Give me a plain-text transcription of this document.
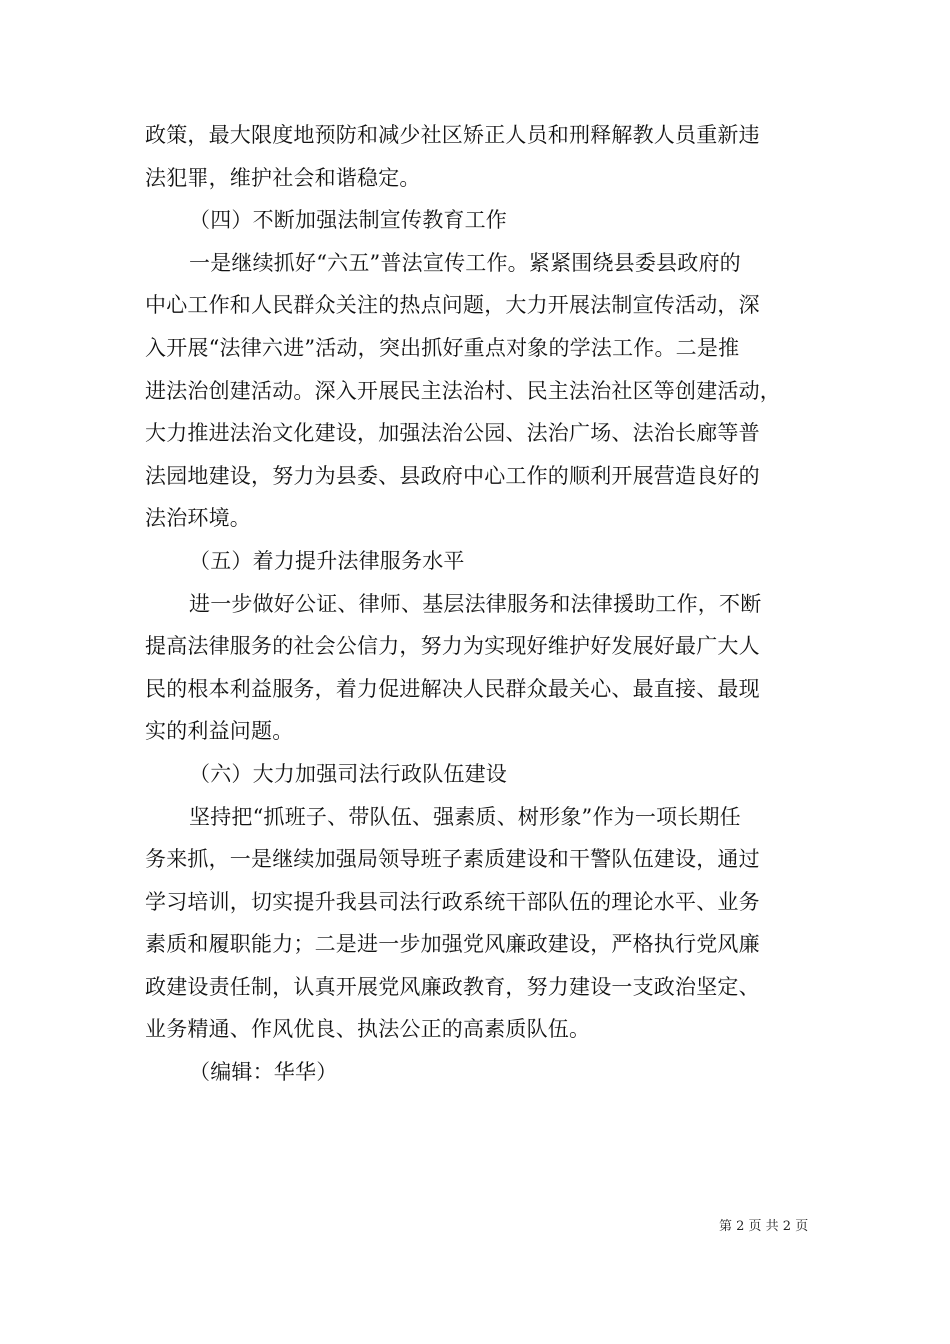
政策，最大限度地预防和减少社区矫正人员和刑释解教人员重新违
法犯罪，维护社会和谐稳定。
（四）不断加强法制宣传教育工作
一是继续抓好“六五”普法宣传工作。紧紧围绕县委县政府的
中心工作和人民群众关注的热点问题，大力开展法制宣传活动，深
入开展“法律六进”活动，突出抓好重点对象的学法工作。二是推
进法治创建活动。深入开展民主法治村、民主法治社区等创建活动，
大力推进法治文化建设，加强法治公园、法治广场、法治长廊等普
法园地建设，努力为县委、县政府中心工作的顺利开展营造良好的
法治环境。
（五）着力提升法律服务水平
进一步做好公证、律师、基层法律服务和法律援助工作，不断
提高法律服务的社会公信力，努力为实现好维护好发展好最广大人
民的根本利益服务，着力促进解决人民群众最关心、最直接、最现
实的利益问题。
（六）大力加强司法行政队伍建设
坚持把“抓班子、带队伍、强素质、树形象”作为一项长期任
务来抓，一是继续加强局领导班子素质建设和干警队伍建设，通过
学习培训，切实提升我县司法行政系统干部队伍的理论水平、业务
素质和履职能力；二是进一步加强党风廉政建设，严格执行党风廉
政建设责任制，认真开展党风廉政教育，努力建设一支政治坚定、
业务精通、作风优良、执法公正的高素质队伍。
（编辑：华华）
第 2 页 共 2 页
